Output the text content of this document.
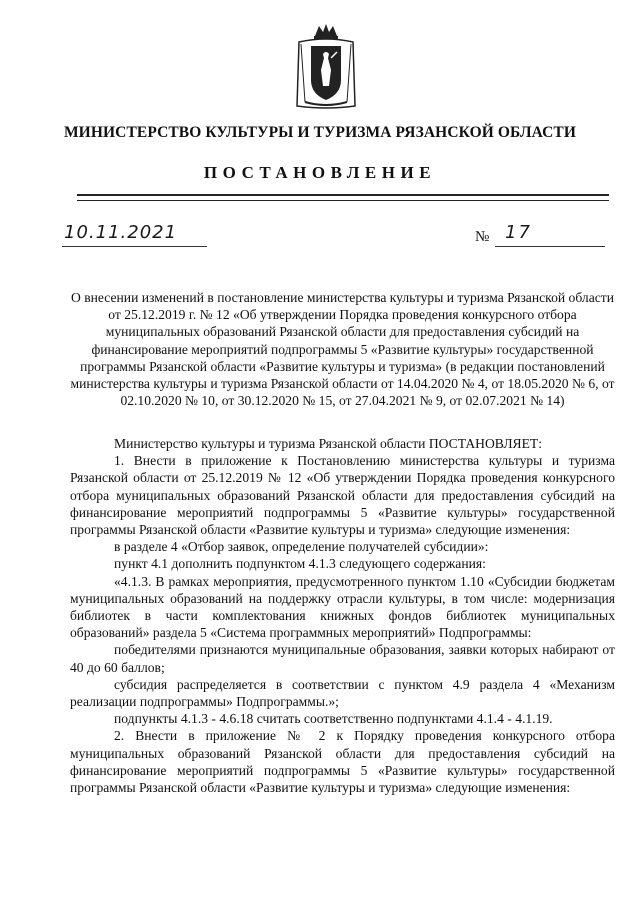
МИНИСТЕРСТВО КУЛЬТУРЫ И ТУРИЗМА РЯЗАНСКОЙ ОБЛАСТИ
ПОСТАНОВЛЕНИЕ
10.11.2021	№ 17
О внесении изменений в постановление министерства культуры и туризма Рязанской области от 25.12.2019 г. № 12 «Об утверждении Порядка проведения конкурсного отбора муниципальных образований Рязанской области для предоставления субсидий на финансирование мероприятий подпрограммы 5 «Развитие культуры» государственной программы Рязанской области «Развитие культуры и туризма» (в редакции постановлений министерства культуры и туризма Рязанской области от 14.04.2020 № 4, от 18.05.2020 № 6, от 02.10.2020 № 10, от 30.12.2020 № 15, от 27.04.2021 № 9, от 02.07.2021 № 14)

Министерство культуры и туризма Рязанской области ПОСТАНОВЛЯЕТ:

1. Внести в приложение к Постановлению министерства культуры и туризма Рязанской области от 25.12.2019 № 12 «Об утверждении Порядка проведения конкурсного отбора муниципальных образований Рязанской области для предоставления субсидий на финансирование мероприятий подпрограммы 5 «Развитие культуры» государственной программы Рязанской области «Развитие культуры и туризма» следующие изменения:

в разделе 4 «Отбор заявок, определение получателей субсидии»:

пункт 4.1 дополнить подпунктом 4.1.3 следующего содержания:

«4.1.3. В рамках мероприятия, предусмотренного пунктом 1.10 «Субсидии бюджетам муниципальных образований на поддержку отрасли культуры, в том числе: модернизация библиотек в части комплектования книжных фондов библиотек муниципальных образований» раздела 5 «Система программных мероприятий» Подпрограммы:

победителями признаются муниципальные образования, заявки которых набирают от 40 до 60 баллов;

субсидия распределяется в соответствии с пунктом 4.9 раздела 4 «Механизм реализации подпрограммы» Подпрограммы.»;

подпункты 4.1.3 - 4.6.18 считать соответственно подпунктами 4.1.4 - 4.1.19.

2. Внести в приложение № 2 к Порядку проведения конкурсного отбора муниципальных образований Рязанской области для предоставления субсидий на финансирование мероприятий подпрограммы 5 «Развитие культуры» государственной программы Рязанской области «Развитие культуры и туризма» следующие изменения:
